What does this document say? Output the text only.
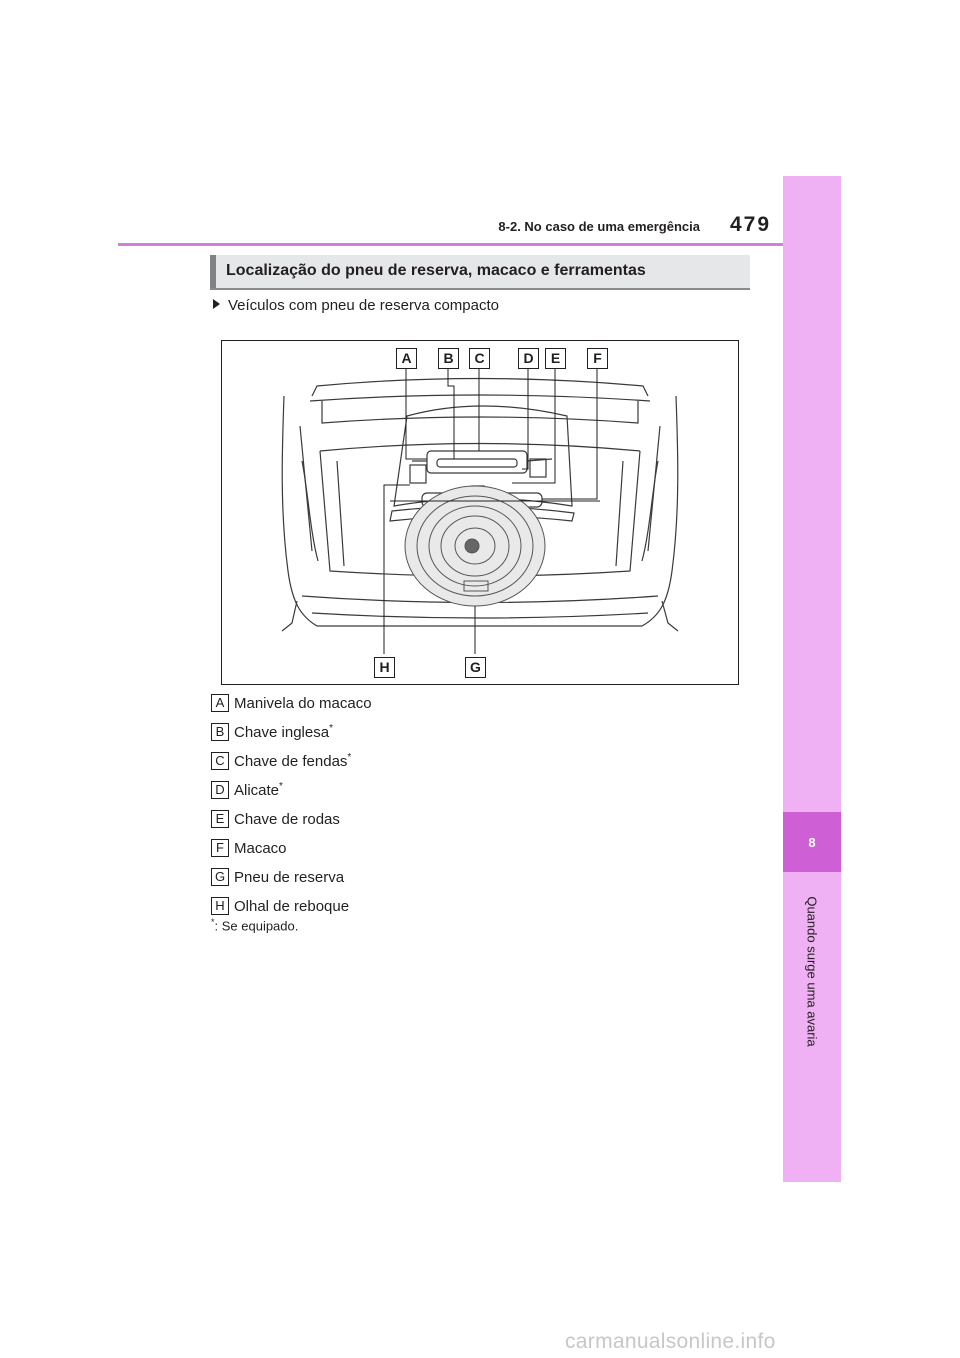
8
Quando surge uma avaria
8-2. No caso de uma emergência 479
Localização do pneu de reserva, macaco e ferramentas
Veículos com pneu de reserva compacto
A	B	C	D	E	F
H	G
A Manivela do macaco
B Chave inglesa*
C Chave de fendas*
D Alicate*
E Chave de rodas
F Macaco
G Pneu de reserva
H Olhal de reboque
*: Se equipado.
carmanualsonline.info
